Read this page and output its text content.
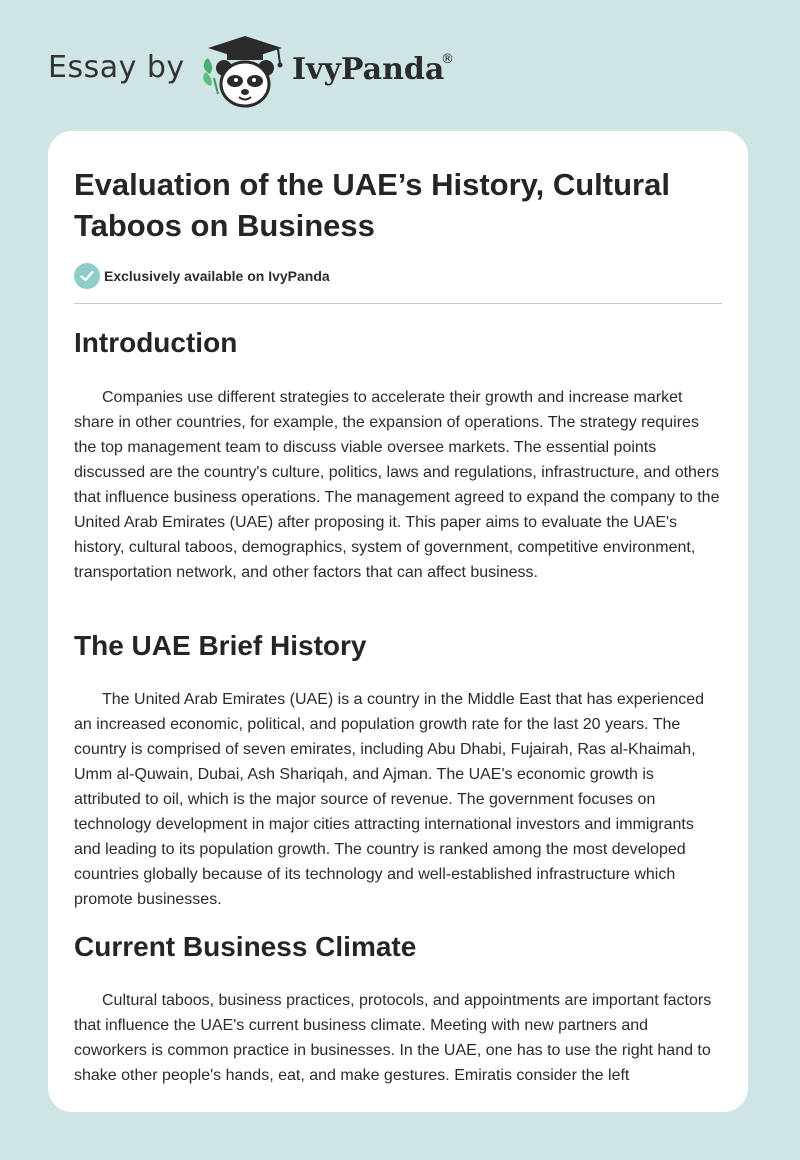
Essay by	IvyPanda
®
Evaluation of the UAE’s History, Cultural Taboos on Business
Exclusively available on IvyPanda
Introduction

Companies use different strategies to accelerate their growth and increase market share in other countries, for example, the expansion of operations. The strategy requires the top management team to discuss viable oversee markets. The essential points discussed are the country's culture, politics, laws and regulations, infrastructure, and others that influence business operations. The management agreed to expand the company to the United Arab Emirates (UAE) after proposing it. This paper aims to evaluate the UAE's history, cultural taboos, demographics, system of government, competitive environment, transportation network, and other factors that can affect business.

The UAE Brief History

The United Arab Emirates (UAE) is a country in the Middle East that has experienced an increased economic, political, and population growth rate for the last 20 years. The country is comprised of seven emirates, including Abu Dhabi, Fujairah, Ras al-Khaimah, Umm al-Quwain, Dubai, Ash Shariqah, and Ajman. The UAE's economic growth is attributed to oil, which is the major source of revenue. The government focuses on technology development in major cities attracting international investors and immigrants and leading to its population growth. The country is ranked among the most developed countries globally because of its technology and well-established infrastructure which promote businesses.

Current Business Climate

Cultural taboos, business practices, protocols, and appointments are important factors that influence the UAE's current business climate. Meeting with new partners and coworkers is common practice in businesses. In the UAE, one has to use the right hand to shake other people's hands, eat, and make gestures. Emiratis consider the left
